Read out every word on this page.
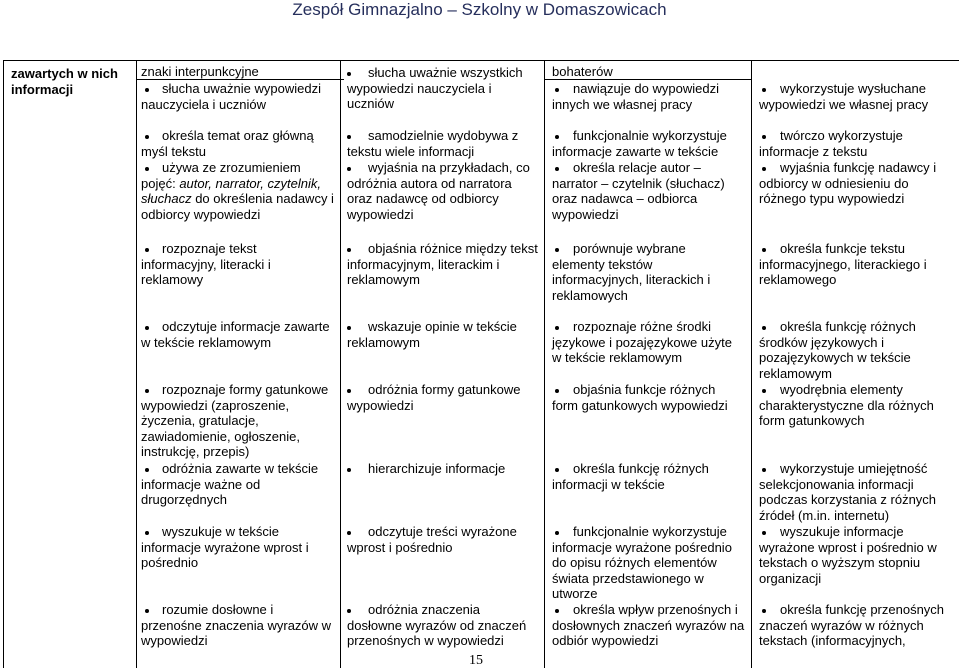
Zespół Gimnazjalno – Szkolny w Domaszowicach
zawartych w nich informacji
znaki interpunkcyjne	bohaterów
słucha uważnie wypowiedzi nauczyciela i uczniów
określa temat oraz główną myśl tekstu
używa ze zrozumieniem pojęć: autor, narrator, czytelnik, słuchacz do określenia nadawcy i odbiorcy wypowiedzi
rozpoznaje tekst informacyjny, literacki i reklamowy
odczytuje informacje zawarte w tekście reklamowym
rozpoznaje formy gatunkowe wypowiedzi (zaproszenie, życzenia, gratulacje, zawiadomienie, ogłoszenie, instrukcję, przepis)
odróżnia zawarte w tekście informacje ważne od drugorzędnych
wyszukuje w tekście informacje wyrażone wprost i pośrednio
rozumie dosłowne i przenośne znaczenia wyrazów w wypowiedzi
słucha uważnie wszystkich wypowiedzi nauczyciela i uczniów
samodzielnie wydobywa z tekstu wiele informacji
wyjaśnia na przykładach, co odróżnia autora od narratora oraz nadawcę od odbiorcy wypowiedzi
objaśnia różnice między tekst informacyjnym, literackim i reklamowym
wskazuje opinie w tekście reklamowym
odróżnia formy gatunkowe wypowiedzi
hierarchizuje informacje
odczytuje treści wyrażone wprost i pośrednio
odróżnia znaczenia dosłowne wyrazów od znaczeń przenośnych w wypowiedzi
nawiązuje do wypowiedzi innych we własnej pracy
funkcjonalnie wykorzystuje informacje zawarte w tekście
określa relacje autor – narrator – czytelnik (słuchacz) oraz nadawca – odbiorca wypowiedzi
porównuje wybrane elementy tekstów informacyjnych, literackich i reklamowych
rozpoznaje różne środki językowe i pozajęzykowe użyte w tekście reklamowym
objaśnia funkcje różnych form gatunkowych wypowiedzi
określa funkcję różnych informacji w tekście
funkcjonalnie wykorzystuje informacje wyrażone pośrednio do opisu różnych elementów świata przedstawionego w utworze
określa wpływ przenośnych i dosłownych znaczeń wyrazów na odbiór wypowiedzi
wykorzystuje wysłuchane wypowiedzi we własnej pracy
twórczo wykorzystuje informacje z tekstu
wyjaśnia funkcję nadawcy i odbiorcy w odniesieniu do różnego typu wypowiedzi
określa funkcje tekstu informacyjnego, literackiego i reklamowego
określa funkcję różnych środków językowych i pozajęzykowych w tekście reklamowym
wyodrębnia elementy charakterystyczne dla różnych form gatunkowych
wykorzystuje umiejętność selekcjonowania informacji podczas korzystania z różnych źródeł (m.in. internetu)
wyszukuje informacje wyrażone wprost i pośrednio w tekstach o wyższym stopniu organizacji
określa funkcję przenośnych znaczeń wyrazów w różnych tekstach (informacyjnych,
15
